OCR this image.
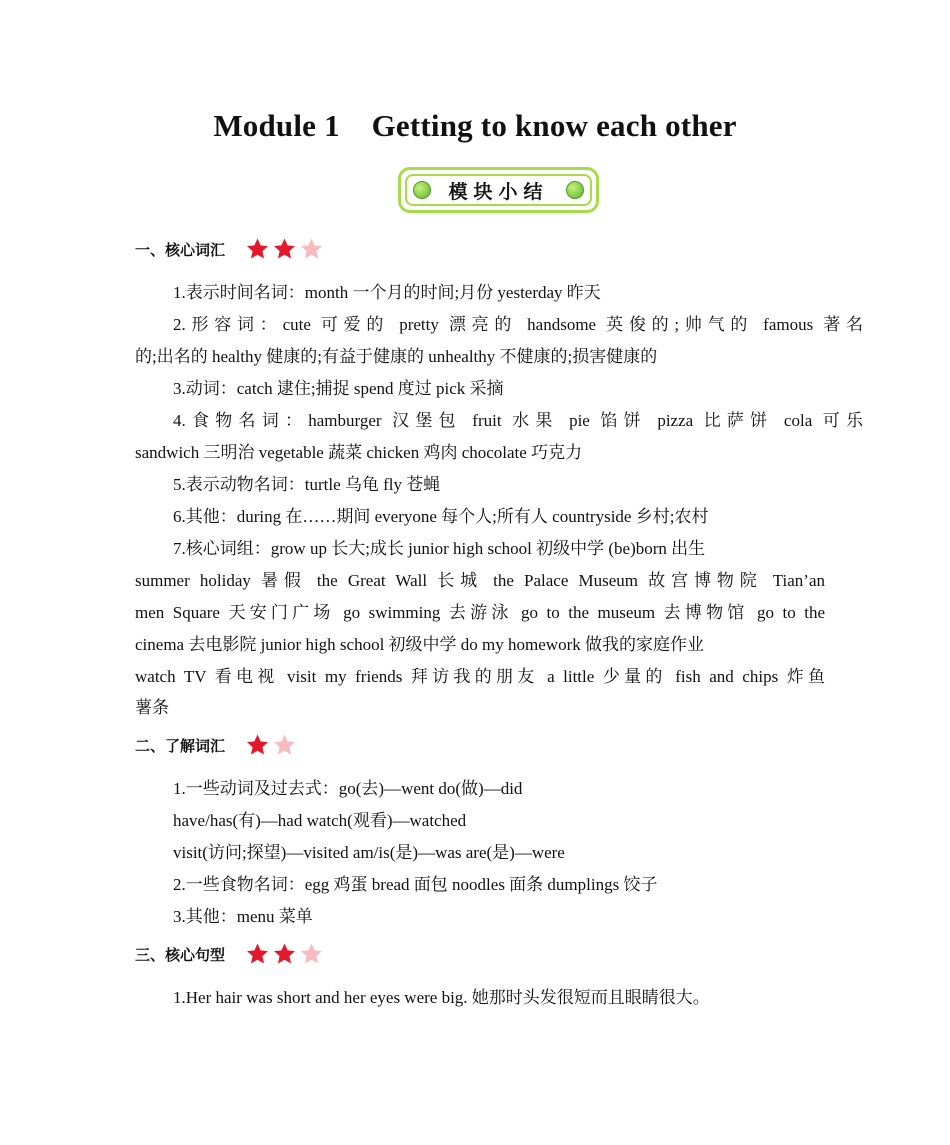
Module 1    Getting to know each other
模块小结
一、核心词汇
1.表示时间名词：month 一个月的时间;月份 yesterday 昨天
2.形容词：cute 可爱的 pretty 漂亮的 handsome 英俊的;帅气的 famous 著名
的;出名的 healthy 健康的;有益于健康的 unhealthy 不健康的;损害健康的
3.动词：catch 逮住;捕捉 spend 度过 pick 采摘
4.食物名词：hamburger 汉堡包 fruit 水果 pie 馅饼 pizza 比萨饼 cola 可乐
sandwich 三明治 vegetable 蔬菜 chicken 鸡肉 chocolate 巧克力
5.表示动物名词：turtle 乌龟 fly 苍蝇
6.其他：during 在……期间 everyone 每个人;所有人 countryside 乡村;农村
7.核心词组：grow up 长大;成长 junior high school 初级中学 (be)born 出生
summer holiday 暑假 the Great Wall 长城 the Palace Museum 故宫博物院 Tian’an
men Square 天安门广场 go swimming 去游泳 go to the museum 去博物馆 go to the
cinema 去电影院 junior high school 初级中学 do my homework 做我的家庭作业
watch TV 看电视 visit my friends 拜访我的朋友 a little 少量的 fish and chips 炸鱼
薯条
二、了解词汇
1.一些动词及过去式：go(去)—went do(做)—did
have/has(有)—had watch(观看)—watched
visit(访问;探望)—visited am/is(是)—was are(是)—were
2.一些食物名词：egg 鸡蛋 bread 面包 noodles 面条 dumplings 饺子
3.其他：menu 菜单
三、核心句型
1.Her hair was short and her eyes were big. 她那时头发很短而且眼睛很大。
